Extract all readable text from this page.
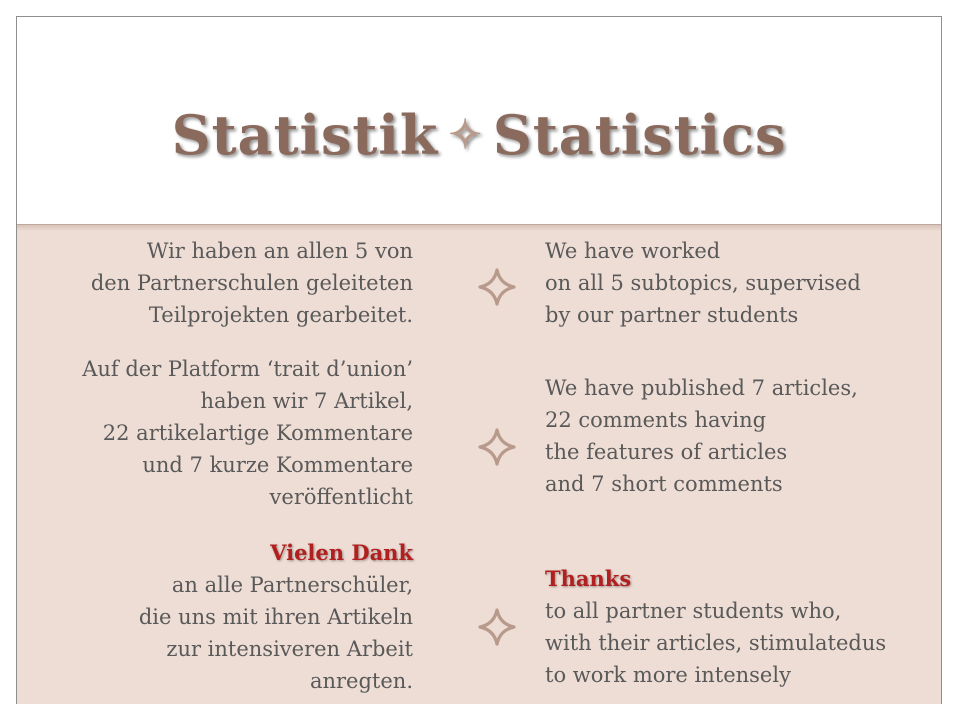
Statistik ✧ Statistics
Wir haben an allen 5 von
den Partnerschulen geleiteten
Teilprojekten gearbeitet.
We have worked
on all 5 subtopics, supervised
by our partner students
Auf der Platform ‘trait d’union’
haben wir 7 Artikel,
22 artikelartige Kommentare
und 7 kurze Kommentare
veröffentlicht
We have published 7 articles,
22 comments having
the features of articles
and 7 short comments
Vielen Dank
an alle Partnerschüler,
die uns mit ihren Artikeln
zur intensiveren Arbeit
anregten.
Thanks
to all partner students who,
with their articles, stimulatedus
to work more intensely
